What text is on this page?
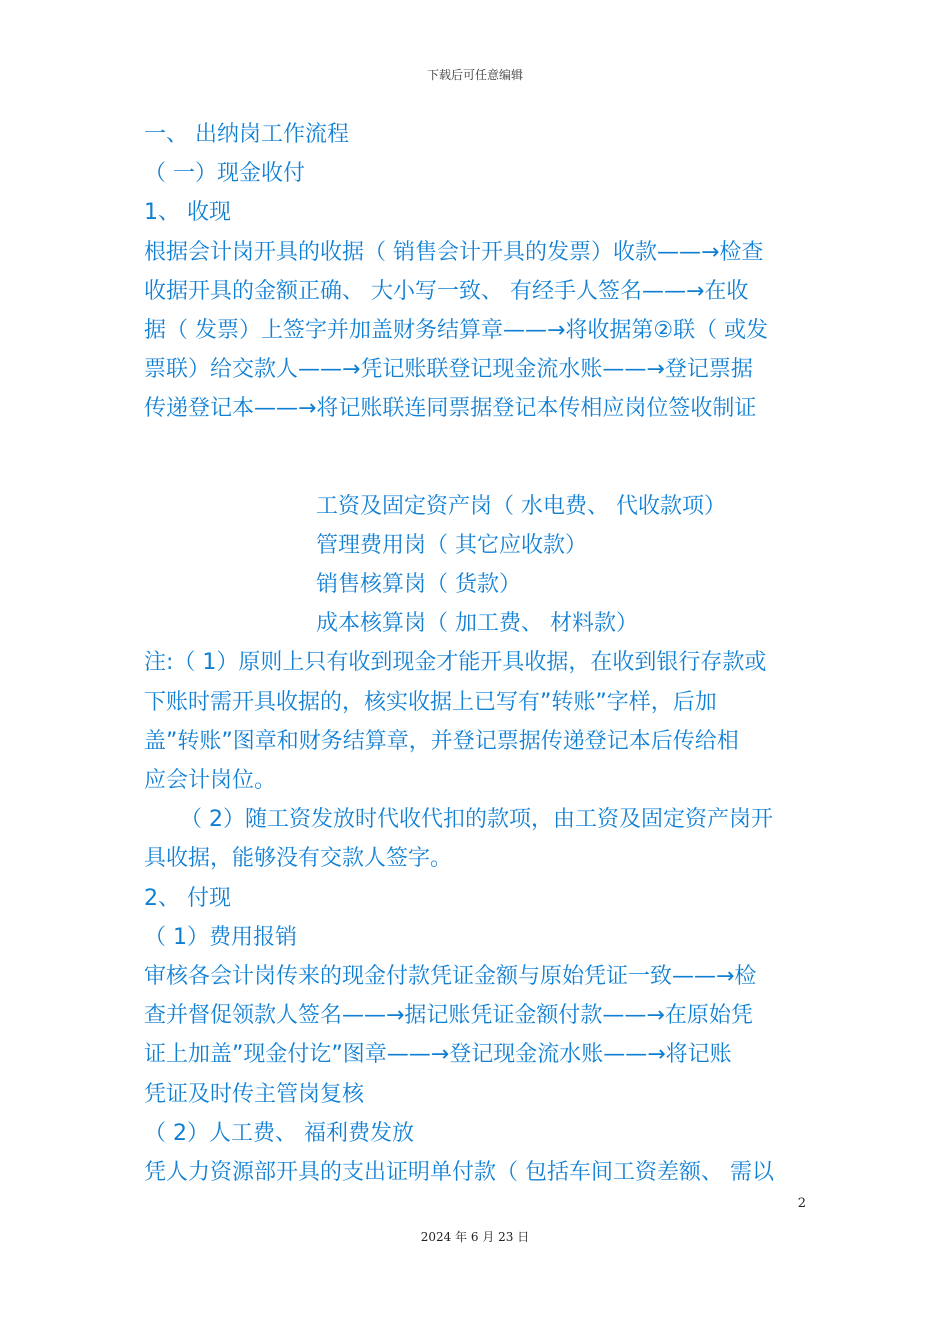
下载后可任意编辑
一、 出纳岗工作流程
（ 一）现金收付
1、 收现
根据会计岗开具的收据（ 销售会计开具的发票）收款——→检查
收据开具的金额正确、 大小写一致、 有经手人签名——→在收
据（ 发票）上签字并加盖财务结算章——→将收据第②联（ 或发
票联）给交款人——→凭记账联登记现金流水账——→登记票据
传递登记本——→将记账联连同票据登记本传相应岗位签收制证
工资及固定资产岗（ 水电费、 代收款项）
管理费用岗（ 其它应收款）
销售核算岗（ 货款）
成本核算岗（ 加工费、 材料款）
注:（ 1）原则上只有收到现金才能开具收据，在收到银行存款或
下账时需开具收据的，核实收据上已写有”转账”字样，后加
盖”转账”图章和财务结算章，并登记票据传递登记本后传给相
应会计岗位。
（ 2）随工资发放时代收代扣的款项，由工资及固定资产岗开
具收据，能够没有交款人签字。
2、 付现
（ 1）费用报销
审核各会计岗传来的现金付款凭证金额与原始凭证一致——→检
查并督促领款人签名——→据记账凭证金额付款——→在原始凭
证上加盖”现金付讫”图章——→登记现金流水账——→将记账
凭证及时传主管岗复核
（ 2）人工费、 福利费发放
凭人力资源部开具的支出证明单付款（ 包括车间工资差额、 需以
2
2024 年 6 月 23 日
